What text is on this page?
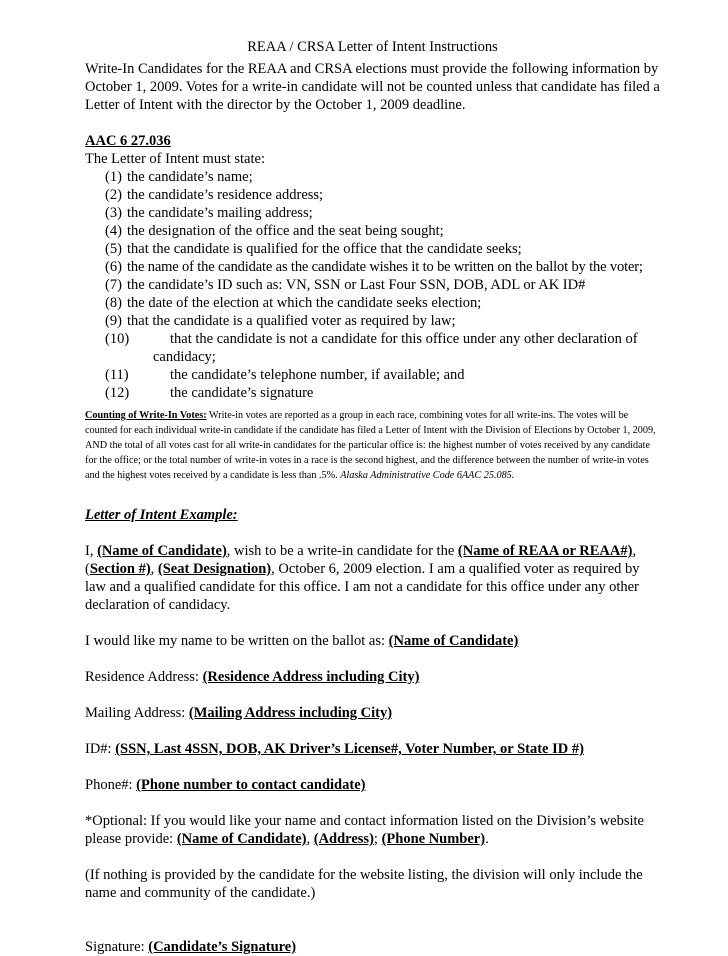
REAA / CRSA Letter of Intent Instructions

Write-In Candidates for the REAA and CRSA elections must provide the following information by October 1, 2009. Votes for a write-in candidate will not be counted unless that candidate has filed a Letter of Intent with the director by the October 1, 2009 deadline.

AAC 6 27.036

The Letter of Intent must state:

(1) the candidate’s name;
(2) the candidate’s residence address;
(3) the candidate’s mailing address;
(4) the designation of the office and the seat being sought;
(5) that the candidate is qualified for the office that the candidate seeks;
(6) the name of the candidate as the candidate wishes it to be written on the ballot by the voter;
(7) the candidate’s ID such as: VN, SSN or Last Four SSN, DOB, ADL or AK ID#
(8) the date of the election at which the candidate seeks election;
(9) that the candidate is a qualified voter as required by law;
(10)	that the candidate is not a candidate for this office under any other declaration of
candidacy;
(11)	the candidate’s telephone number, if available; and
(12)	the candidate’s signature

Counting of Write-In Votes: Write-in votes are reported as a group in each race, combining votes for all write-ins. The votes will be counted for each individual write-in candidate if the candidate has filed a Letter of Intent with the Division of Elections by October 1, 2009, AND the total of all votes cast for all write-in candidates for the particular office is: the highest number of votes received by any candidate for the office; or the total number of write-in votes in a race is the second highest, and the difference between the number of write-in votes and the highest votes received by a candidate is less than .5%. Alaska Administrative Code 6AAC 25.085.

Letter of Intent Example:

I, (Name of Candidate), wish to be a write-in candidate for the (Name of REAA or REAA#), (Section #), (Seat Designation), October 6, 2009 election. I am a qualified voter as required by law and a qualified candidate for this office. I am not a candidate for this office under any other declaration of candidacy.

I would like my name to be written on the ballot as: (Name of Candidate)

Residence Address: (Residence Address including City)

Mailing Address: (Mailing Address including City)

ID#: (SSN, Last 4SSN, DOB, AK Driver’s License#, Voter Number, or State ID #)

Phone#: (Phone number to contact candidate)

*Optional: If you would like your name and contact information listed on the Division’s website please provide: (Name of Candidate), (Address); (Phone Number).

(If nothing is provided by the candidate for the website listing, the division will only include the name and community of the candidate.)

Signature: (Candidate’s Signature)
